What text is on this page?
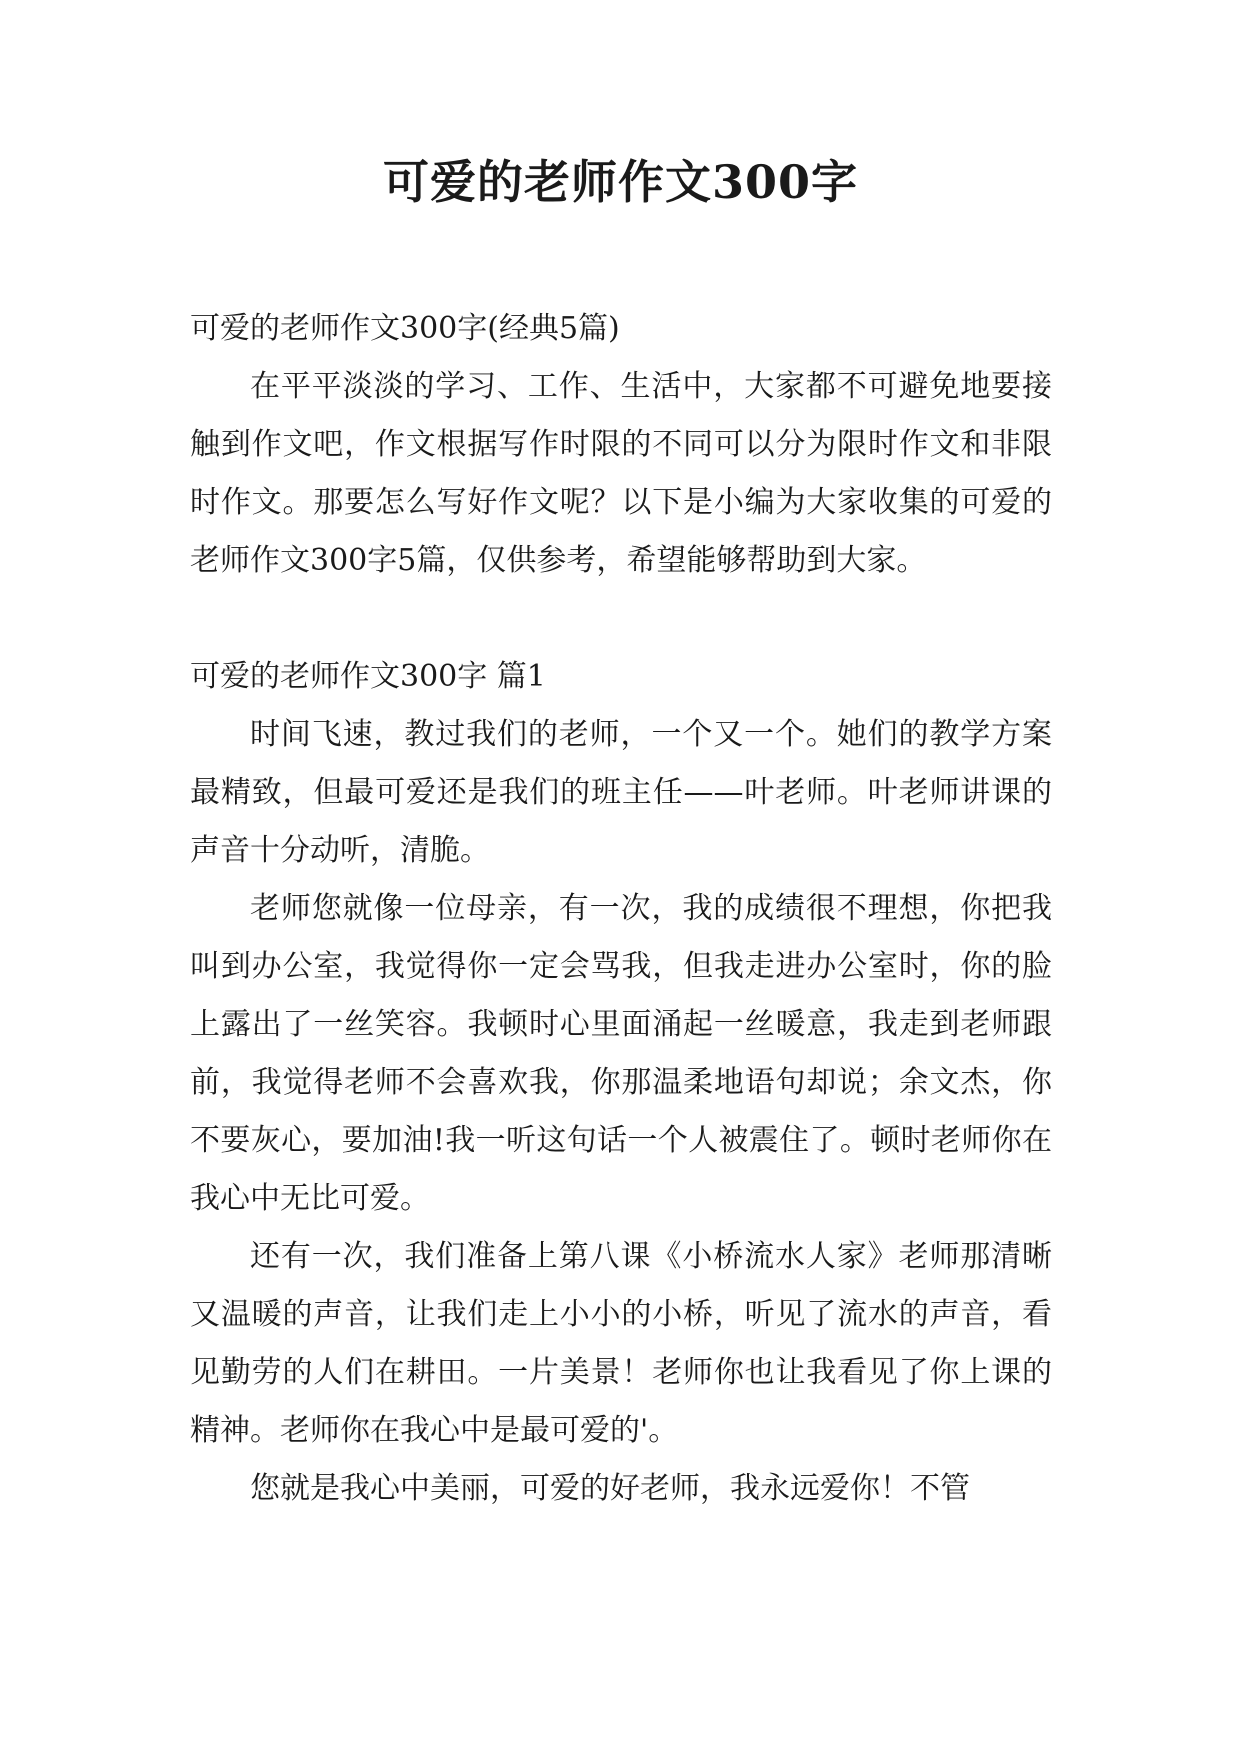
可爱的老师作文300字

可爱的老师作文300字(经典5篇)

在平平淡淡的学习、工作、生活中，大家都不可避免地要接触到作文吧，作文根据写作时限的不同可以分为限时作文和非限时作文。那要怎么写好作文呢？以下是小编为大家收集的可爱的老师作文300字5篇，仅供参考，希望能够帮助到大家。

可爱的老师作文300字 篇1

时间飞速，教过我们的老师，一个又一个。她们的教学方案最精致，但最可爱还是我们的班主任——叶老师。叶老师讲课的声音十分动听，清脆。

老师您就像一位母亲，有一次，我的成绩很不理想，你把我叫到办公室，我觉得你一定会骂我，但我走进办公室时，你的脸上露出了一丝笑容。我顿时心里面涌起一丝暖意，我走到老师跟前，我觉得老师不会喜欢我，你那温柔地语句却说；余文杰，你不要灰心，要加油!我一听这句话一个人被震住了。顿时老师你在我心中无比可爱。

还有一次，我们准备上第八课《小桥流水人家》老师那清晰又温暖的声音，让我们走上小小的小桥，听见了流水的声音，看见勤劳的人们在耕田。一片美景！老师你也让我看见了你上课的精神。老师你在我心中是最可爱的'。

您就是我心中美丽，可爱的好老师，我永远爱你！不管
